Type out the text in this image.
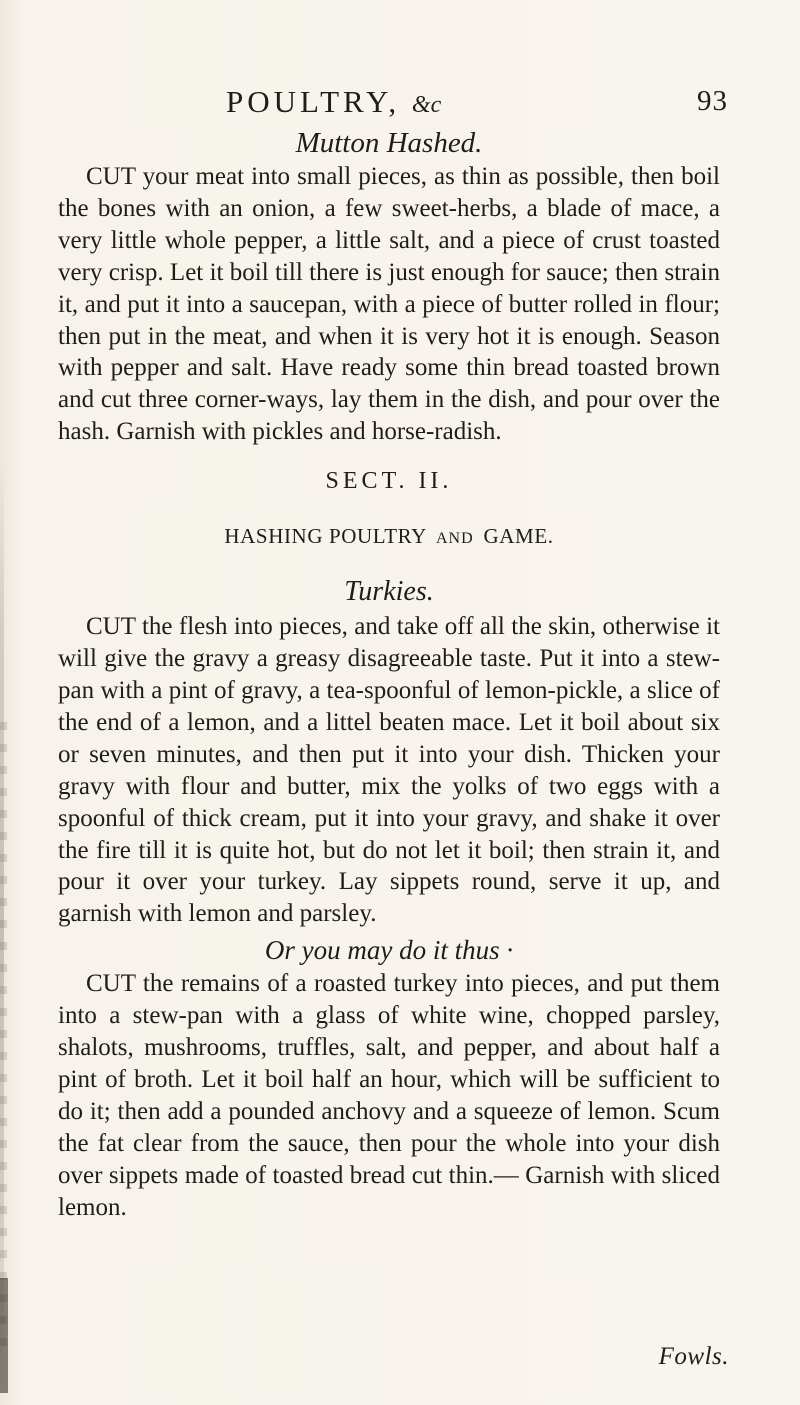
POULTRY, &c	93
Mutton Hashed.

CUT your meat into small pieces, as thin as possible, then boil the bones with an onion, a few sweet-herbs, a blade of mace, a very little whole pepper, a little salt, and a piece of crust toasted very crisp. Let it boil till there is just enough for sauce; then strain it, and put it into a saucepan, with a piece of butter rolled in flour; then put in the meat, and when it is very hot it is enough. Season with pepper and salt. Have ready some thin bread toasted brown and cut three corner-ways, lay them in the dish, and pour over the hash. Garnish with pickles and horse-radish.

SECT. II.
HASHING POULTRY AND GAME.
Turkies.

CUT the flesh into pieces, and take off all the skin, otherwise it will give the gravy a greasy disagreeable taste. Put it into a stew-pan with a pint of gravy, a tea-spoonful of lemon-pickle, a slice of the end of a lemon, and a littel beaten mace. Let it boil about six or seven minutes, and then put it into your dish. Thicken your gravy with flour and butter, mix the yolks of two eggs with a spoonful of thick cream, put it into your gravy, and shake it over the fire till it is quite hot, but do not let it boil; then strain it, and pour it over your turkey. Lay sippets round, serve it up, and garnish with lemon and parsley.

Or you may do it thus ·

CUT the remains of a roasted turkey into pieces, and put them into a stew-pan with a glass of white wine, chopped parsley, shalots, mushrooms, truffles, salt, and pepper, and about half a pint of broth. Let it boil half an hour, which will be sufficient to do it; then add a pounded anchovy and a squeeze of lemon. Scum the fat clear from the sauce, then pour the whole into your dish over sippets made of toasted bread cut thin.— Garnish with sliced lemon.

Fowls.
